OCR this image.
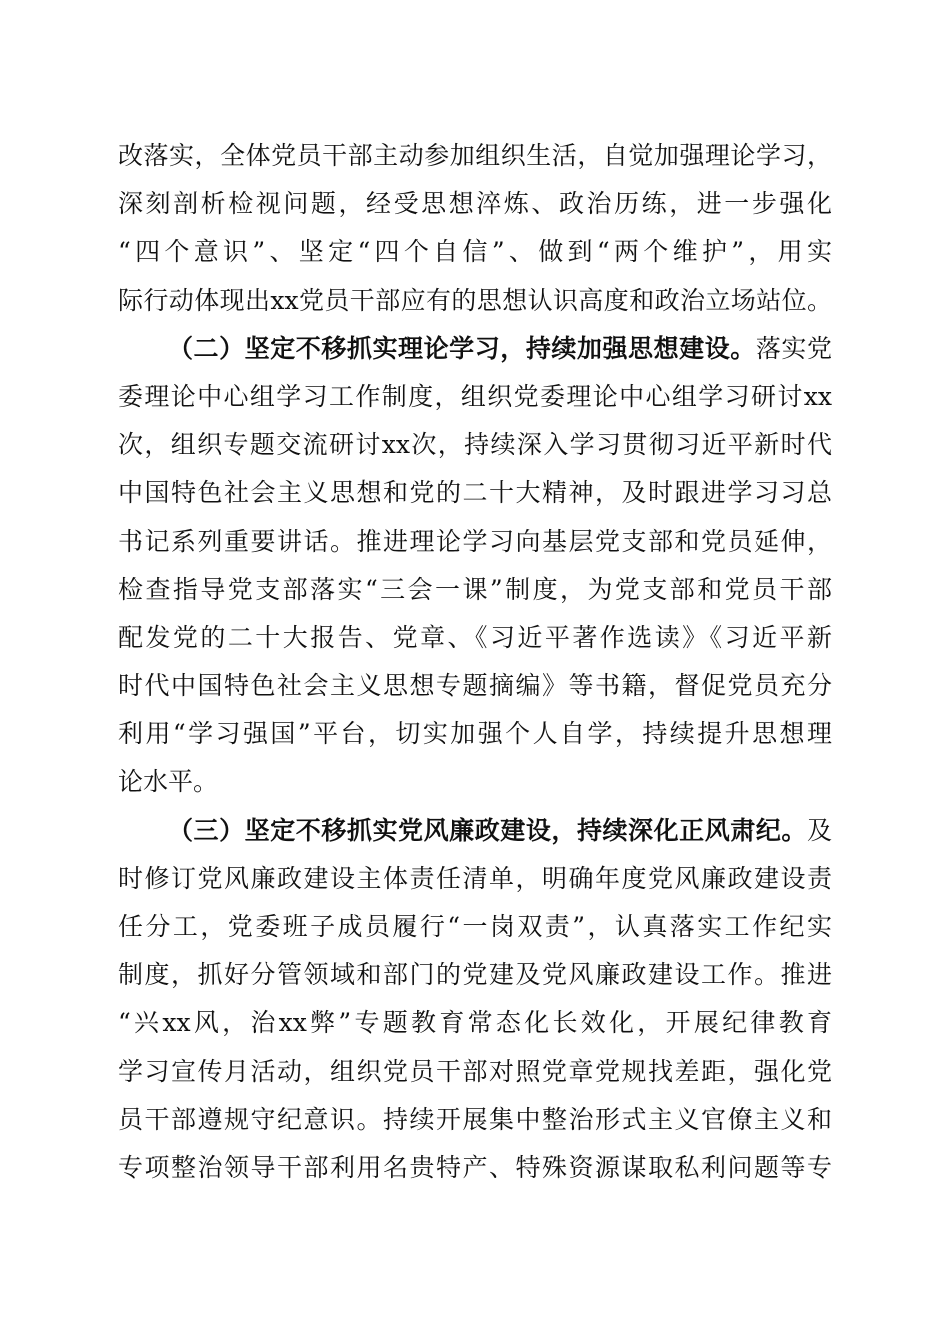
改落实，全体党员干部主动参加组织生活，自觉加强理论学习，
深刻剖析检视问题，经受思想淬炼、政治历练，进一步强化
“四个意识”、坚定“四个自信”、做到“两个维护”，用实
际行动体现出xx党员干部应有的思想认识高度和政治立场站位。
（二）坚定不移抓实理论学习，持续加强思想建设。落实党
委理论中心组学习工作制度，组织党委理论中心组学习研讨xx
次，组织专题交流研讨xx次，持续深入学习贯彻习近平新时代
中国特色社会主义思想和党的二十大精神，及时跟进学习习总
书记系列重要讲话。推进理论学习向基层党支部和党员延伸，
检查指导党支部落实“三会一课”制度，为党支部和党员干部
配发党的二十大报告、党章、《习近平著作选读》《习近平新
时代中国特色社会主义思想专题摘编》等书籍，督促党员充分
利用“学习强国”平台，切实加强个人自学，持续提升思想理
论水平。
（三）坚定不移抓实党风廉政建设，持续深化正风肃纪。及
时修订党风廉政建设主体责任清单，明确年度党风廉政建设责
任分工，党委班子成员履行“一岗双责”，认真落实工作纪实
制度，抓好分管领域和部门的党建及党风廉政建设工作。推进
“兴xx风，治xx弊”专题教育常态化长效化，开展纪律教育
学习宣传月活动，组织党员干部对照党章党规找差距，强化党
员干部遵规守纪意识。持续开展集中整治形式主义官僚主义和
专项整治领导干部利用名贵特产、特殊资源谋取私利问题等专
